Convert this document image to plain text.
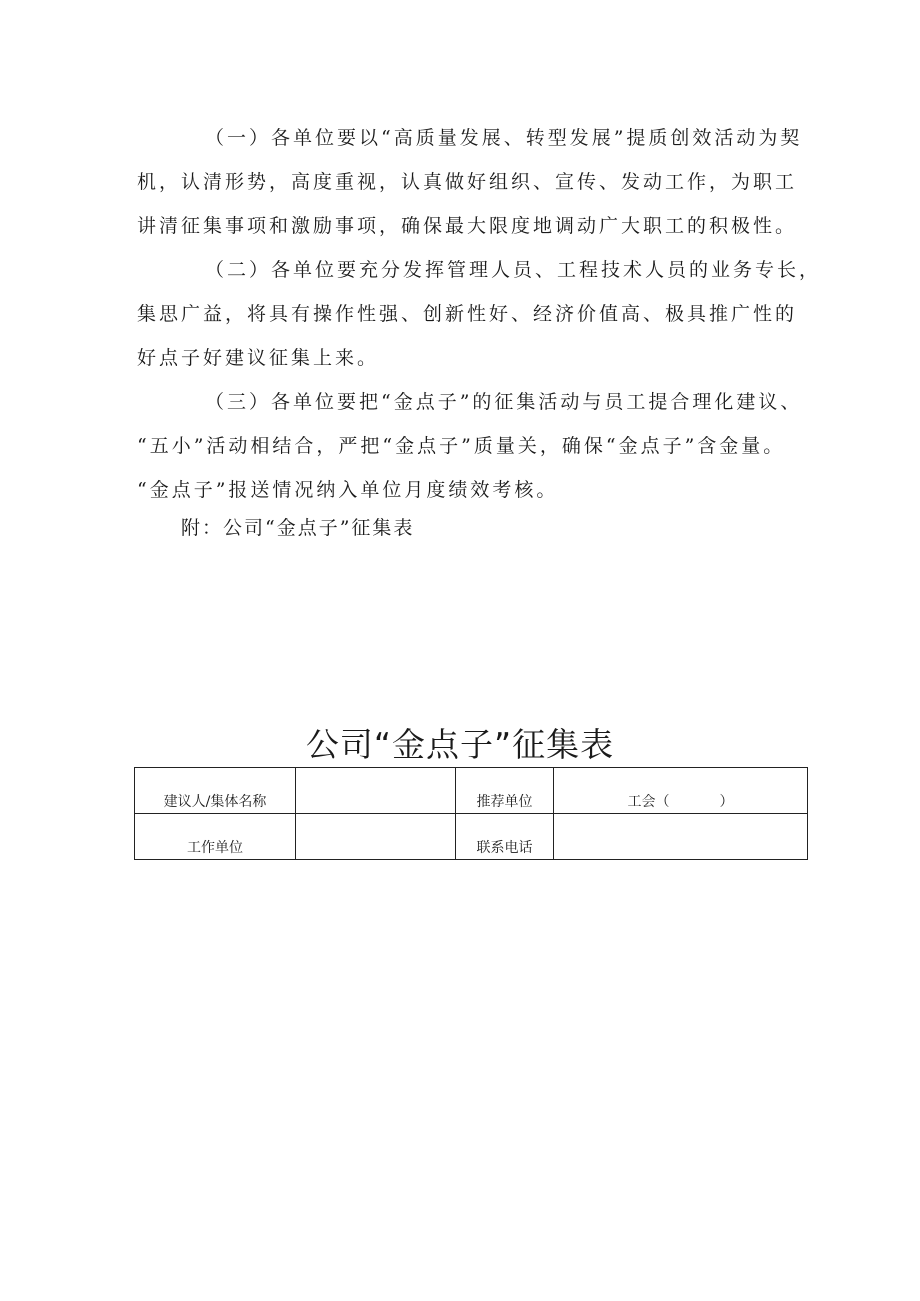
（一）各单位要以“高质量发展、转型发展”提质创效活动为契
机，认清形势，高度重视，认真做好组织、宣传、发动工作，为职工
讲清征集事项和激励事项，确保最大限度地调动广大职工的积极性。
（二）各单位要充分发挥管理人员、工程技术人员的业务专长，
集思广益，将具有操作性强、创新性好、经济价值高、极具推广性的
好点子好建议征集上来。
（三）各单位要把“金点子”的征集活动与员工提合理化建议、
“五小”活动相结合，严把“金点子”质量关，确保“金点子”含金量。
“金点子”报送情况纳入单位月度绩效考核。
附：公司“金点子”征集表
公司“金点子”征集表
建议人/集体名称		推荐单位	工会（ ）
工作单位		联系电话	
